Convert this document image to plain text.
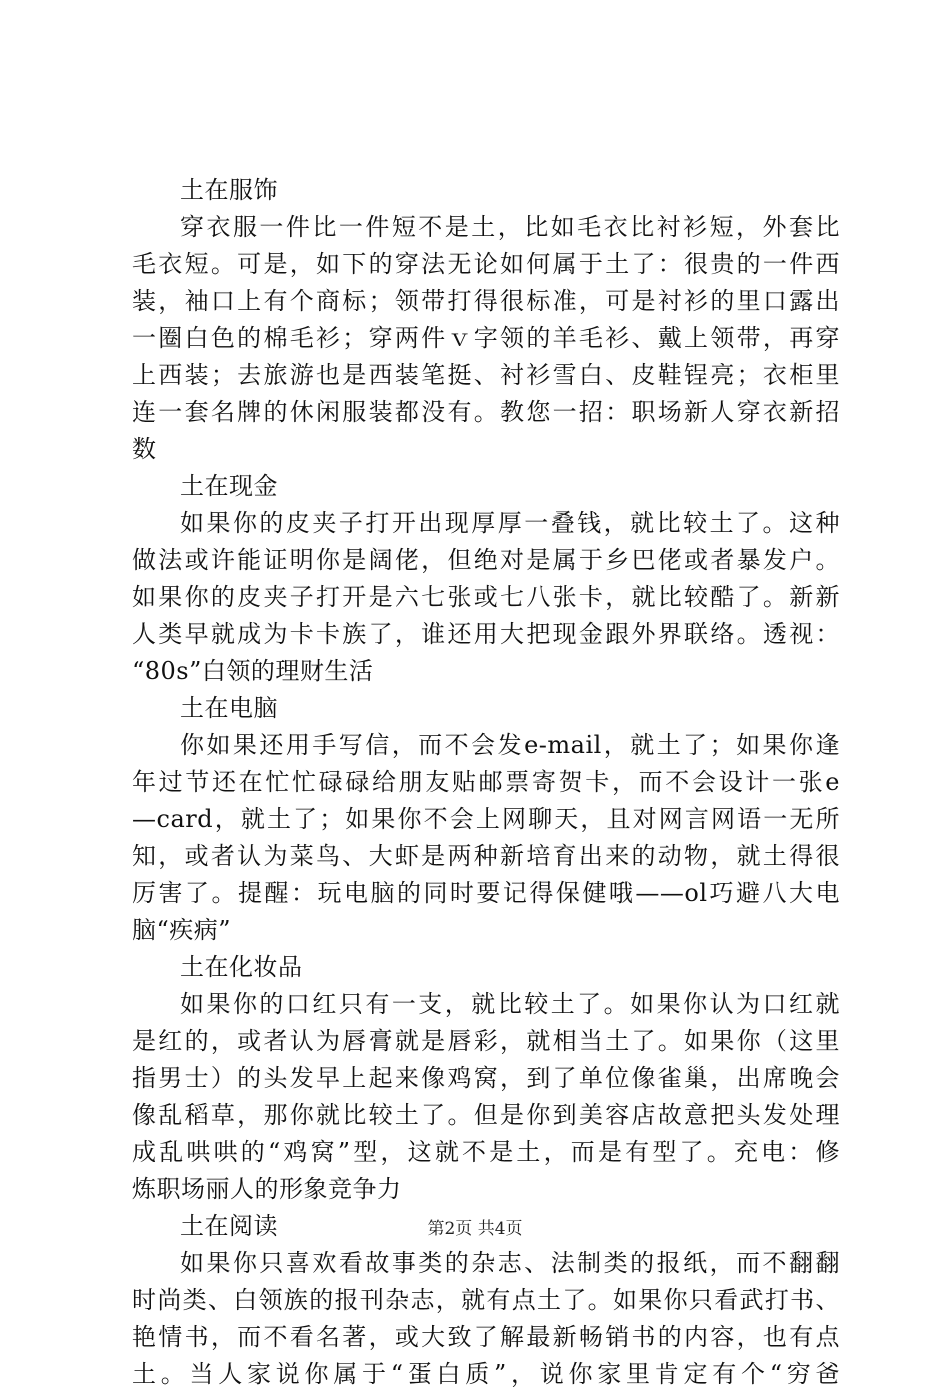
土在服饰
穿衣服一件比一件短不是土，比如毛衣比衬衫短，外套比
毛衣短。可是，如下的穿法无论如何属于土了：很贵的一件西
装，袖口上有个商标；领带打得很标准，可是衬衫的里口露出
一圈白色的棉毛衫；穿两件ｖ字领的羊毛衫、戴上领带，再穿
上西装；去旅游也是西装笔挺、衬衫雪白、皮鞋锃亮；衣柜里
连一套名牌的休闲服装都没有。教您一招：职场新人穿衣新招
数
土在现金
如果你的皮夹子打开出现厚厚一叠钱，就比较土了。这种
做法或许能证明你是阔佬，但绝对是属于乡巴佬或者暴发户。
如果你的皮夹子打开是六七张或七八张卡，就比较酷了。新新
人类早就成为卡卡族了，谁还用大把现金跟外界联络。透视：
“80s”白领的理财生活
土在电脑
你如果还用手写信，而不会发e-mail，就土了；如果你逢
年过节还在忙忙碌碌给朋友贴邮票寄贺卡，而不会设计一张e
—card，就土了；如果你不会上网聊天，且对网言网语一无所
知，或者认为菜鸟、大虾是两种新培育出来的动物，就土得很
厉害了。提醒：玩电脑的同时要记得保健哦——ol巧避八大电
脑“疾病”
土在化妆品
如果你的口红只有一支，就比较土了。如果你认为口红就
是红的，或者认为唇膏就是唇彩，就相当土了。如果你（这里
指男士）的头发早上起来像鸡窝，到了单位像雀巢，出席晚会
像乱稻草，那你就比较土了。但是你到美容店故意把头发处理
成乱哄哄的“鸡窝”型，这就不是土，而是有型了。充电：修
炼职场丽人的形象竞争力
土在阅读
如果你只喜欢看故事类的杂志、法制类的报纸，而不翻翻
时尚类、白领族的报刊杂志，就有点土了。如果你只看武打书、
艳情书，而不看名著，或大致了解最新畅销书的内容，也有点
土。当人家说你属于“蛋白质”，说你家里肯定有个“穷爸
第2页 共4页
